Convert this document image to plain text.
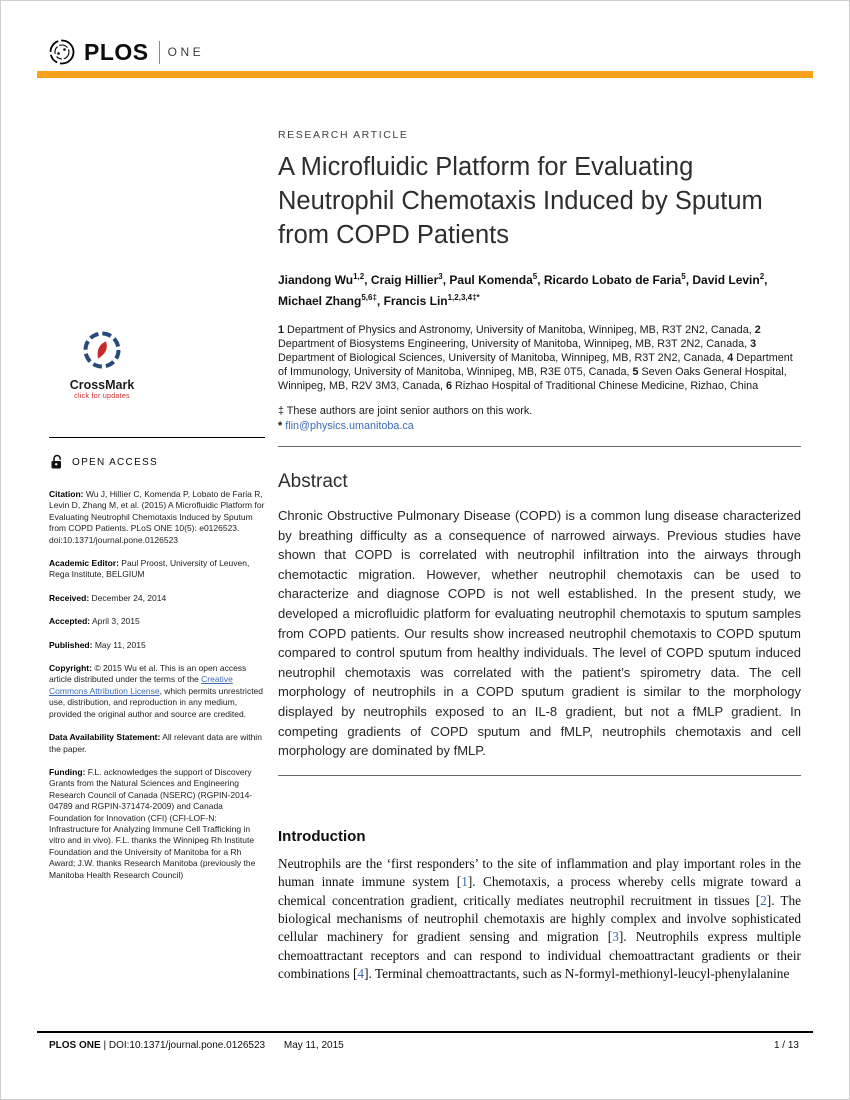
PLOS ONE
CrossMark
click for updates
OPEN ACCESS

Citation: Wu J, Hillier C, Komenda P, Lobato de Faria R, Levin D, Zhang M, et al. (2015) A Microfluidic Platform for Evaluating Neutrophil Chemotaxis Induced by Sputum from COPD Patients. PLoS ONE 10(5): e0126523. doi:10.1371/journal.pone.0126523

Academic Editor: Paul Proost, University of Leuven, Rega Institute, BELGIUM

Received: December 24, 2014

Accepted: April 3, 2015

Published: May 11, 2015

Copyright: © 2015 Wu et al. This is an open access article distributed under the terms of the Creative Commons Attribution License, which permits unrestricted use, distribution, and reproduction in any medium, provided the original author and source are credited.

Data Availability Statement: All relevant data are within the paper.

Funding: F.L. acknowledges the support of Discovery Grants from the Natural Sciences and Engineering Research Council of Canada (NSERC) (RGPIN-2014-04789 and RGPIN-371474-2009) and Canada Foundation for Innovation (CFI) (CFI-LOF-N: Infrastructure for Analyzing Immune Cell Trafficking in vitro and in vivo). F.L. thanks the Winnipeg Rh Institute Foundation and the University of Manitoba for a Rh Award; J.W. thanks Research Manitoba (previously the Manitoba Health Research Council)

RESEARCH ARTICLE
A Microfluidic Platform for Evaluating Neutrophil Chemotaxis Induced by Sputum from COPD Patients

Jiandong Wu$^{1,2}$, Craig Hillier$^3$, Paul Komenda$^5$, Ricardo Lobato de Faria$^5$, David Levin$^2$, Michael Zhang$^{5,6\ddagger}$, Francis Lin$^{1,2,3,4\ddagger*}$

1 Department of Physics and Astronomy, University of Manitoba, Winnipeg, MB, R3T 2N2, Canada, 2 Department of Biosystems Engineering, University of Manitoba, Winnipeg, MB, R3T 2N2, Canada, 3 Department of Biological Sciences, University of Manitoba, Winnipeg, MB, R3T 2N2, Canada, 4 Department of Immunology, University of Manitoba, Winnipeg, MB, R3E 0T5, Canada, 5 Seven Oaks General Hospital, Winnipeg, MB, R2V 3M3, Canada, 6 Rizhao Hospital of Traditional Chinese Medicine, Rizhao, China

‡ These authors are joint senior authors on this work.

* flin@physics.umanitoba.ca

Abstract

Chronic Obstructive Pulmonary Disease (COPD) is a common lung disease characterized by breathing difficulty as a consequence of narrowed airways. Previous studies have shown that COPD is correlated with neutrophil infiltration into the airways through chemotactic migration. However, whether neutrophil chemotaxis can be used to characterize and diagnose COPD is not well established. In the present study, we developed a microfluidic platform for evaluating neutrophil chemotaxis to sputum samples from COPD patients. Our results show increased neutrophil chemotaxis to COPD sputum compared to control sputum from healthy individuals. The level of COPD sputum induced neutrophil chemotaxis was correlated with the patient’s spirometry data. The cell morphology of neutrophils in a COPD sputum gradient is similar to the morphology displayed by neutrophils exposed to an IL-8 gradient, but not a fMLP gradient. In competing gradients of COPD sputum and fMLP, neutrophils chemotaxis and cell morphology are dominated by fMLP.

Introduction

Neutrophils are the ‘first responders’ to the site of inflammation and play important roles in the human innate immune system [1]. Chemotaxis, a process whereby cells migrate toward a chemical concentration gradient, critically mediates neutrophil recruitment in tissues [2]. The biological mechanisms of neutrophil chemotaxis are highly complex and involve sophisticated cellular machinery for gradient sensing and migration [3]. Neutrophils express multiple chemoattractant receptors and can respond to individual chemoattractant gradients or their combinations [4]. Terminal chemoattractants, such as N-formyl-methionyl-leucyl-phenylalanine

PLOS ONE | DOI:10.1371/journal.pone.0126523 May 11, 2015	1 / 13
